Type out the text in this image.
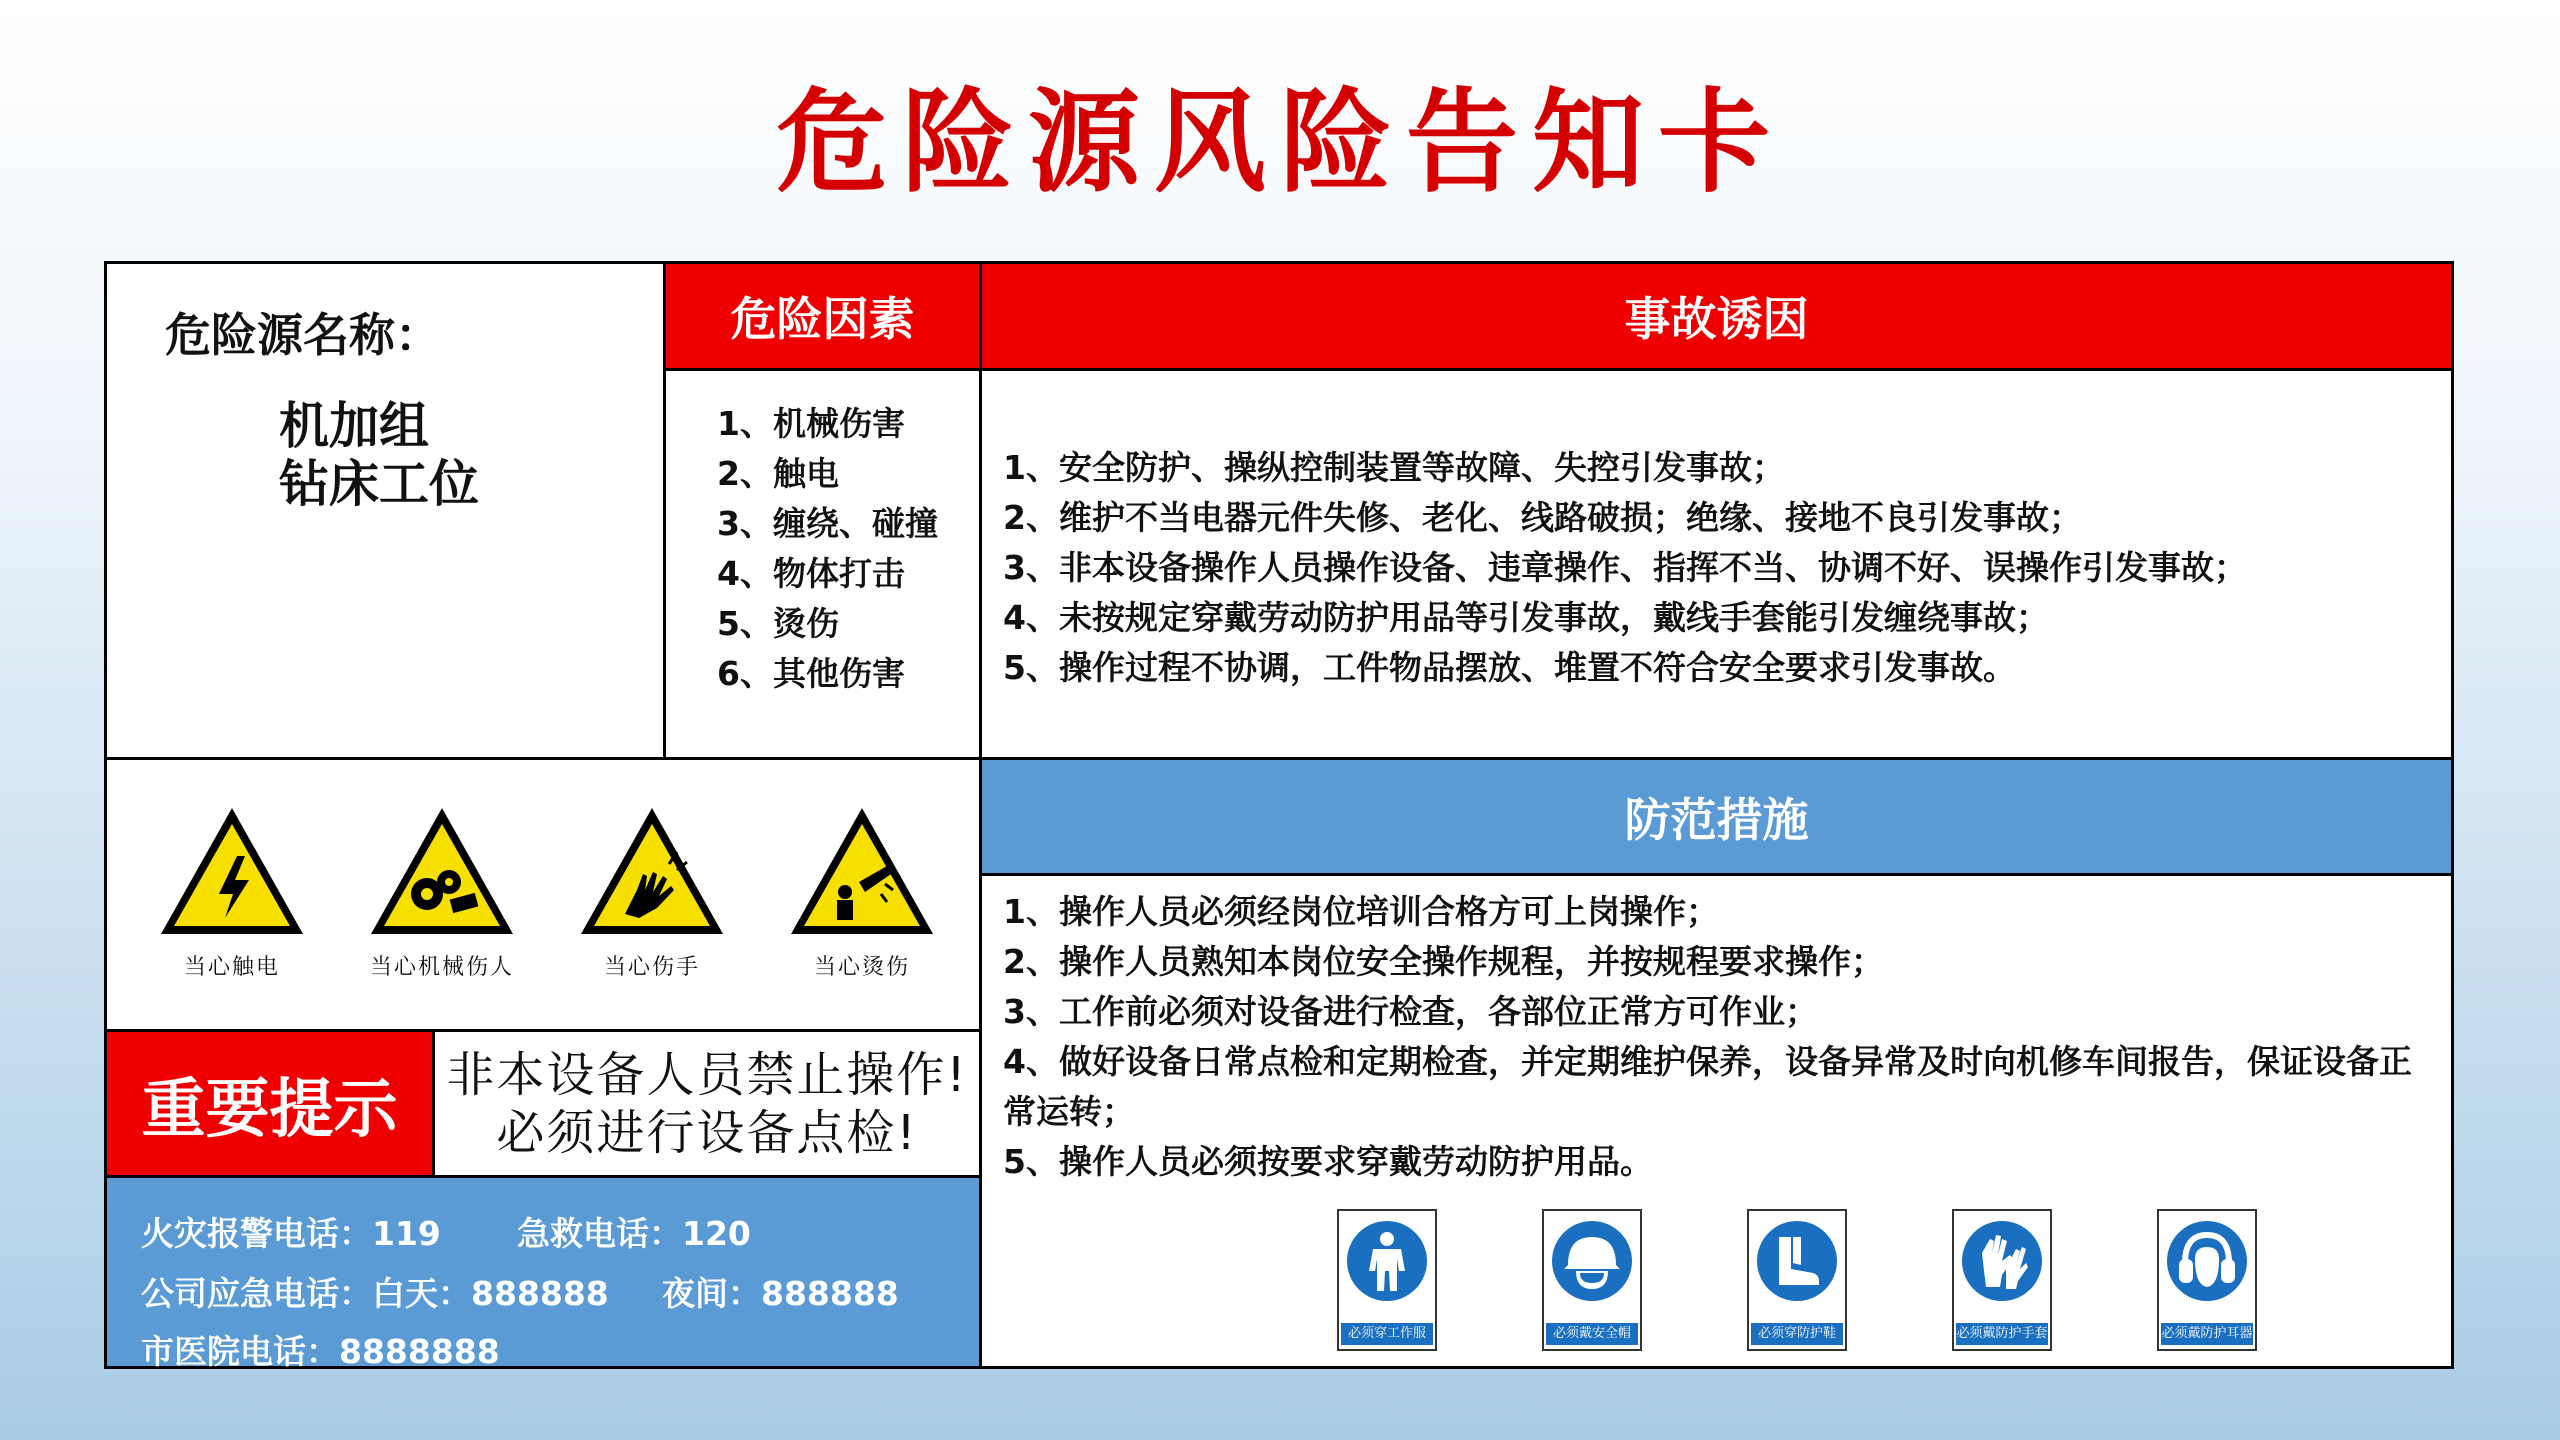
危险源风险告知卡
危险源名称：
机加组
钻床工位
危险因素	事故诱因
1、机械伤害
2、触电
3、缠绕、碰撞
4、物体打击
5、烫伤
6、其他伤害
1、安全防护、操纵控制装置等故障、失控引发事故；
2、维护不当电器元件失修、老化、线路破损；绝缘、接地不良引发事故；
3、非本设备操作人员操作设备、违章操作、指挥不当、协调不好、误操作引发事故；
4、未按规定穿戴劳动防护用品等引发事故，戴线手套能引发缠绕事故；
5、操作过程不协调，工件物品摆放、堆置不符合安全要求引发事故。
当心触电	当心机械伤人	当心伤手	当心烫伤
重要提示 非本设备人员禁止操作!
必须进行设备点检!
火灾报警电话：119 急救电话：120
公司应急电话：白天：888888 夜间：888888
市医院电话：8888888
防范措施
1、操作人员必须经岗位培训合格方可上岗操作；
2、操作人员熟知本岗位安全操作规程，并按规程要求操作；
3、工作前必须对设备进行检查，各部位正常方可作业；
4、做好设备日常点检和定期检查，并定期维护保养，设备异常及时向机修车间报告，保证设备正常运转；
5、操作人员必须按要求穿戴劳动防护用品。
必须穿工作服	必须戴安全帽	必须穿防护鞋	必须戴防护手套	必须戴防护耳器
